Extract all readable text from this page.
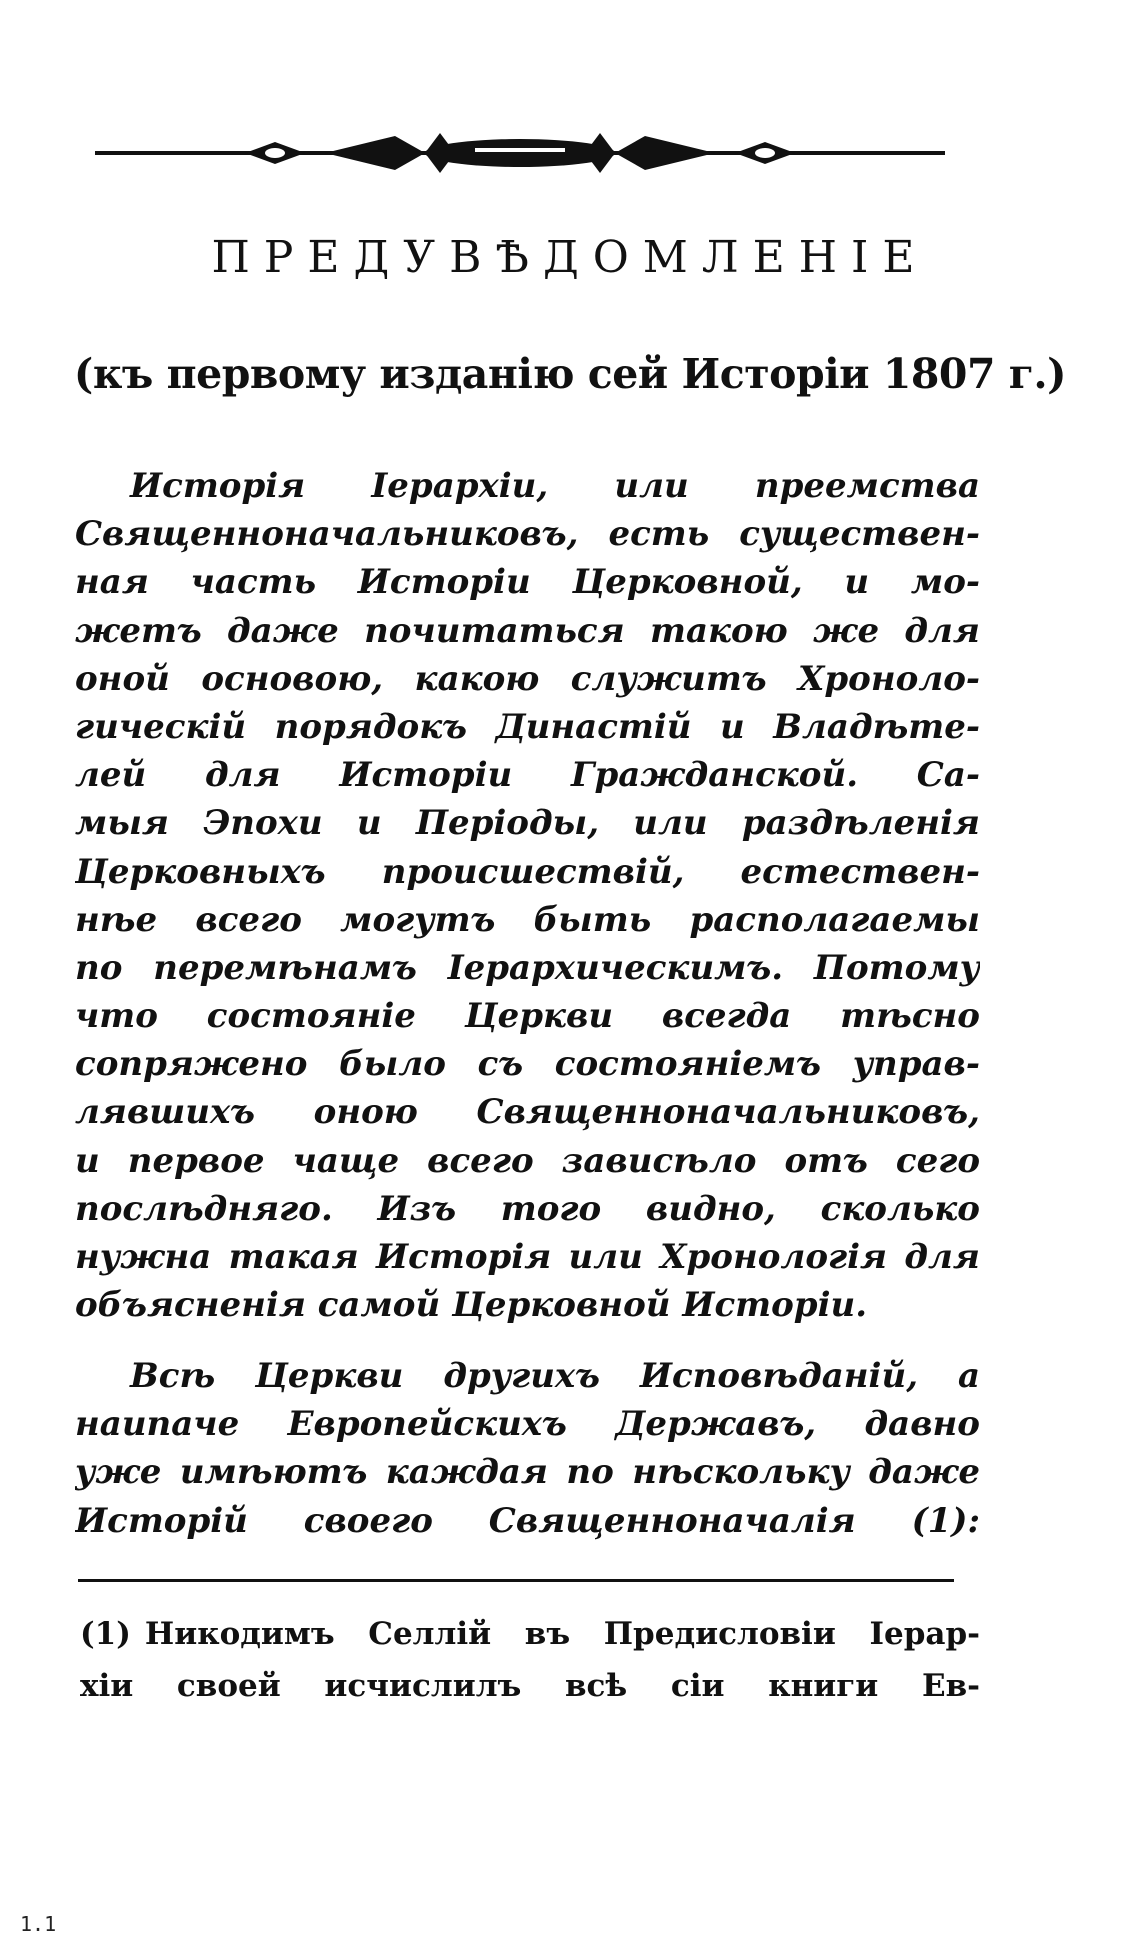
ПРЕДУВѢДОМЛЕНІЕ
(къ первому изданію сей Исторіи 1807 г.)
Исторія Іерархіи, или преемства
Священноначальниковъ, есть существен-
ная часть Исторіи Церковной, и мо-
жетъ даже почитаться такою же для
оной основою, какою служитъ Хроноло-
гическій порядокъ Династій и Владѣте-
лей для Исторіи Гражданской. Са-
мыя Эпохи и Періоды, или раздѣленія
Церковныхъ происшествій, естествен-
нѣе всего могутъ быть располагаемы
по перемѣнамъ Іерархическимъ. Потому
что состояніе Церкви всегда тѣсно
сопряжено было съ состояніемъ управ-
лявшихъ оною Священноначальниковъ,
и первое чаще всего зависѣло отъ сего
послѣдняго. Изъ того видно, сколько
нужна такая Исторія или Хронологія для
объясненія самой Церковной Исторіи.
Всѣ Церкви другихъ Исповѣданій, а
наипаче Европейскихъ Державъ, давно
уже имѣютъ каждая по нѣскольку даже
Исторій своего Священноначалія (1):
(1) Никодимъ Селлій въ Предисловіи Іерар-
хіи своей исчислилъ всѣ сіи книги Ев-
1.1
